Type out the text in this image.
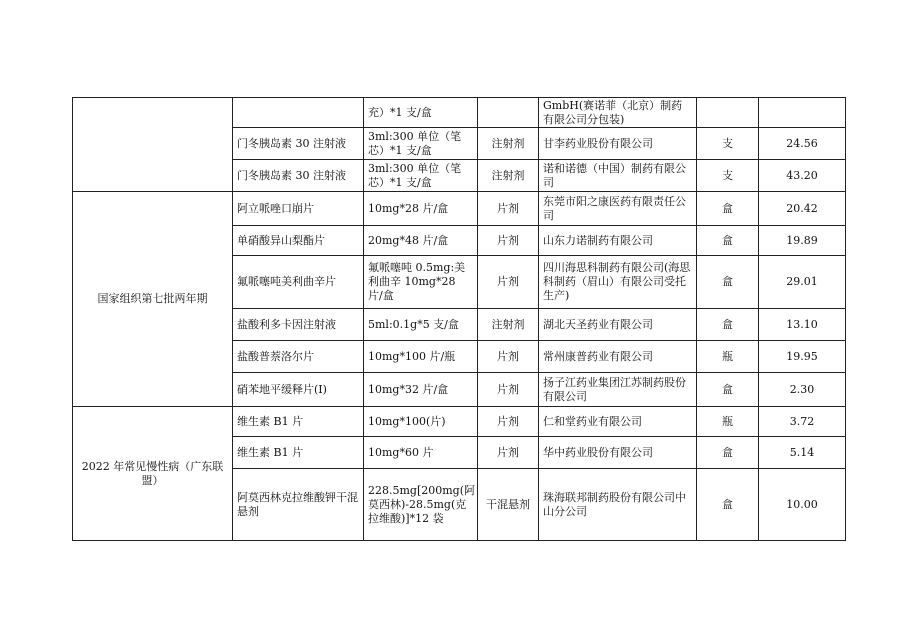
		充）*1 支/盒		GmbH(赛诺菲（北京）制药有限公司分包装)		
	门冬胰岛素 30 注射液	3ml:300 单位（笔芯）*1 支/盒	注射剂	甘李药业股份有限公司	支	24.56
	门冬胰岛素 30 注射液	3ml:300 单位（笔芯）*1 支/盒	注射剂	诺和诺德（中国）制药有限公司	支	43.20
国家组织第七批两年期	阿立哌唑口崩片	10mg*28 片/盒	片剂	东莞市阳之康医药有限责任公司	盒	20.42
	单硝酸异山梨酯片	20mg*48 片/盒	片剂	山东力诺制药有限公司	盒	19.89
	氟哌噻吨美利曲辛片	氟哌噻吨 0.5mg:美利曲辛 10mg*28 片/盒	片剂	四川海思科制药有限公司(海思科制药（眉山）有限公司受托生产)	盒	29.01
	盐酸利多卡因注射液	5ml:0.1g*5 支/盒	注射剂	湖北天圣药业有限公司	盒	13.10
	盐酸普萘洛尔片	10mg*100 片/瓶	片剂	常州康普药业有限公司	瓶	19.95
	硝苯地平缓释片(Ⅰ)	10mg*32 片/盒	片剂	扬子江药业集团江苏制药股份有限公司	盒	2.30
2022 年常见慢性病（广东联盟）	维生素 B1 片	10mg*100(片)	片剂	仁和堂药业有限公司	瓶	3.72
	维生素 B1 片	10mg*60 片	片剂	华中药业股份有限公司	盒	5.14
	阿莫西林克拉维酸钾干混悬剂	228.5mg[200mg(阿莫西林)-28.5mg(克拉维酸)]*12 袋	干混悬剂	珠海联邦制药股份有限公司中山分公司	盒	10.00
